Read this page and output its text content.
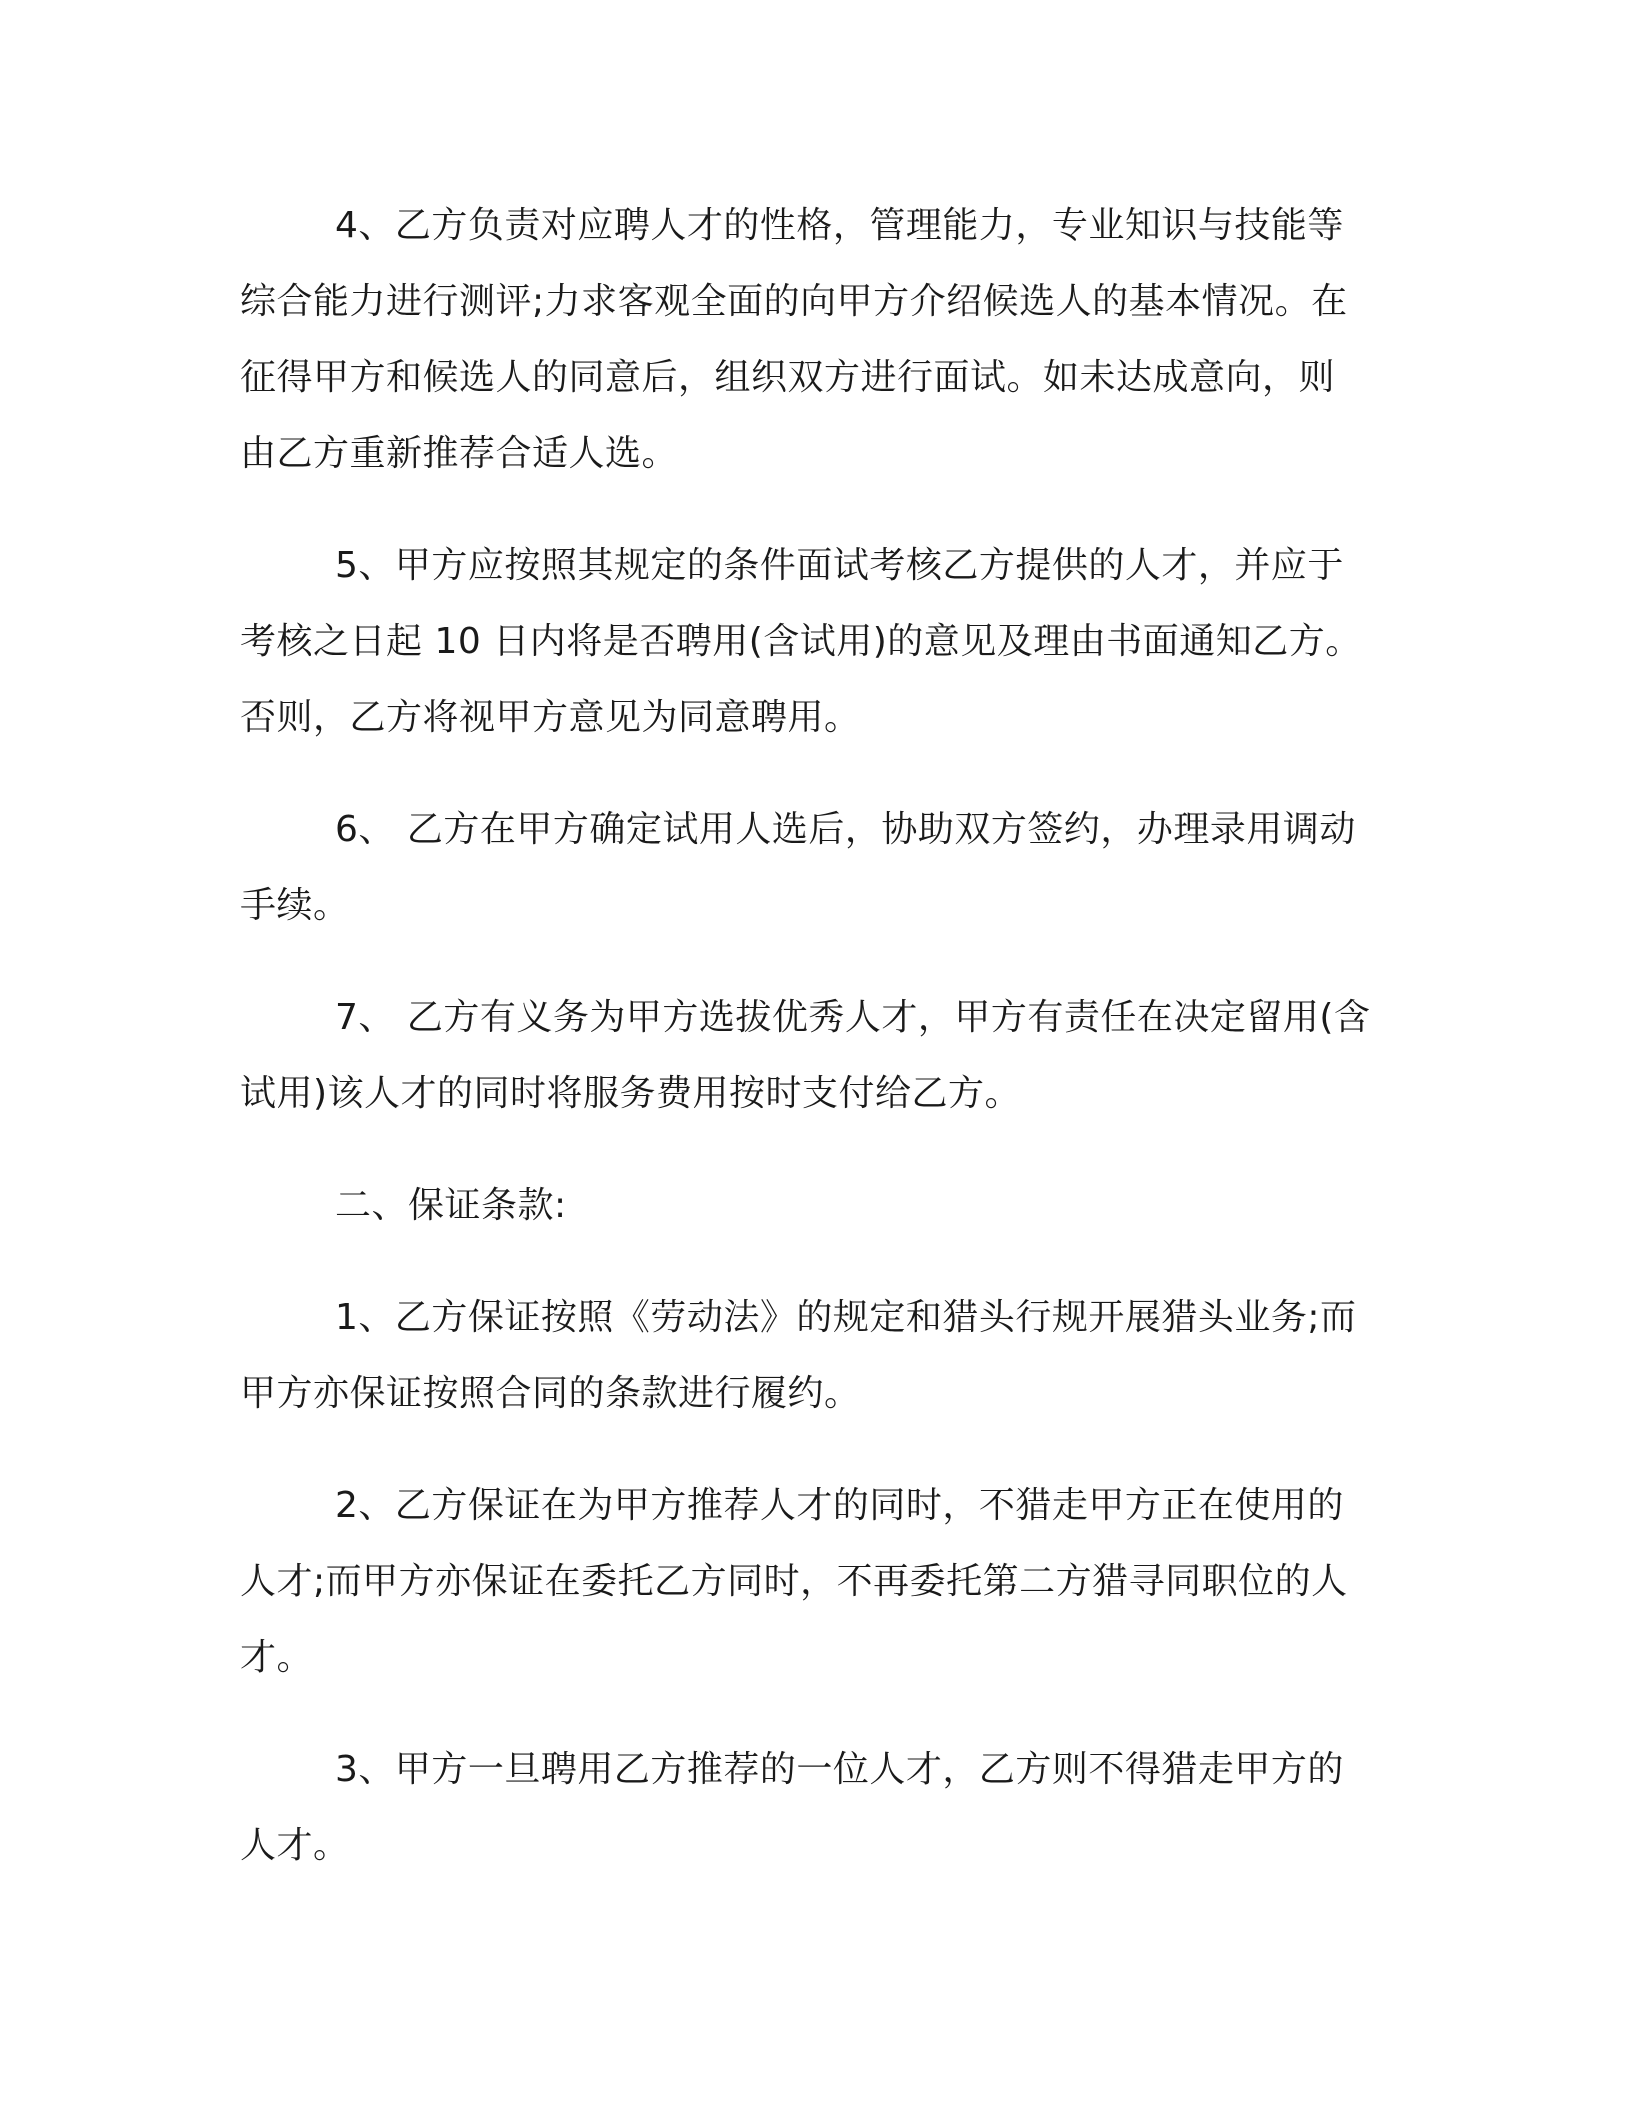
4、乙方负责对应聘人才的性格，管理能力，专业知识与技能等
综合能力进行测评;力求客观全面的向甲方介绍候选人的基本情况。在
征得甲方和候选人的同意后，组织双方进行面试。如未达成意向，则
由乙方重新推荐合适人选。

5、甲方应按照其规定的条件面试考核乙方提供的人才，并应于
考核之日起 10 日内将是否聘用(含试用)的意见及理由书面通知乙方。
否则，乙方将视甲方意见为同意聘用。

6、 乙方在甲方确定试用人选后，协助双方签约，办理录用调动
手续。

7、 乙方有义务为甲方选拔优秀人才，甲方有责任在决定留用(含
试用)该人才的同时将服务费用按时支付给乙方。

二、保证条款:

1、乙方保证按照《劳动法》的规定和猎头行规开展猎头业务;而
甲方亦保证按照合同的条款进行履约。

2、乙方保证在为甲方推荐人才的同时，不猎走甲方正在使用的
人才;而甲方亦保证在委托乙方同时，不再委托第二方猎寻同职位的人
才。

3、甲方一旦聘用乙方推荐的一位人才，乙方则不得猎走甲方的
人才。
